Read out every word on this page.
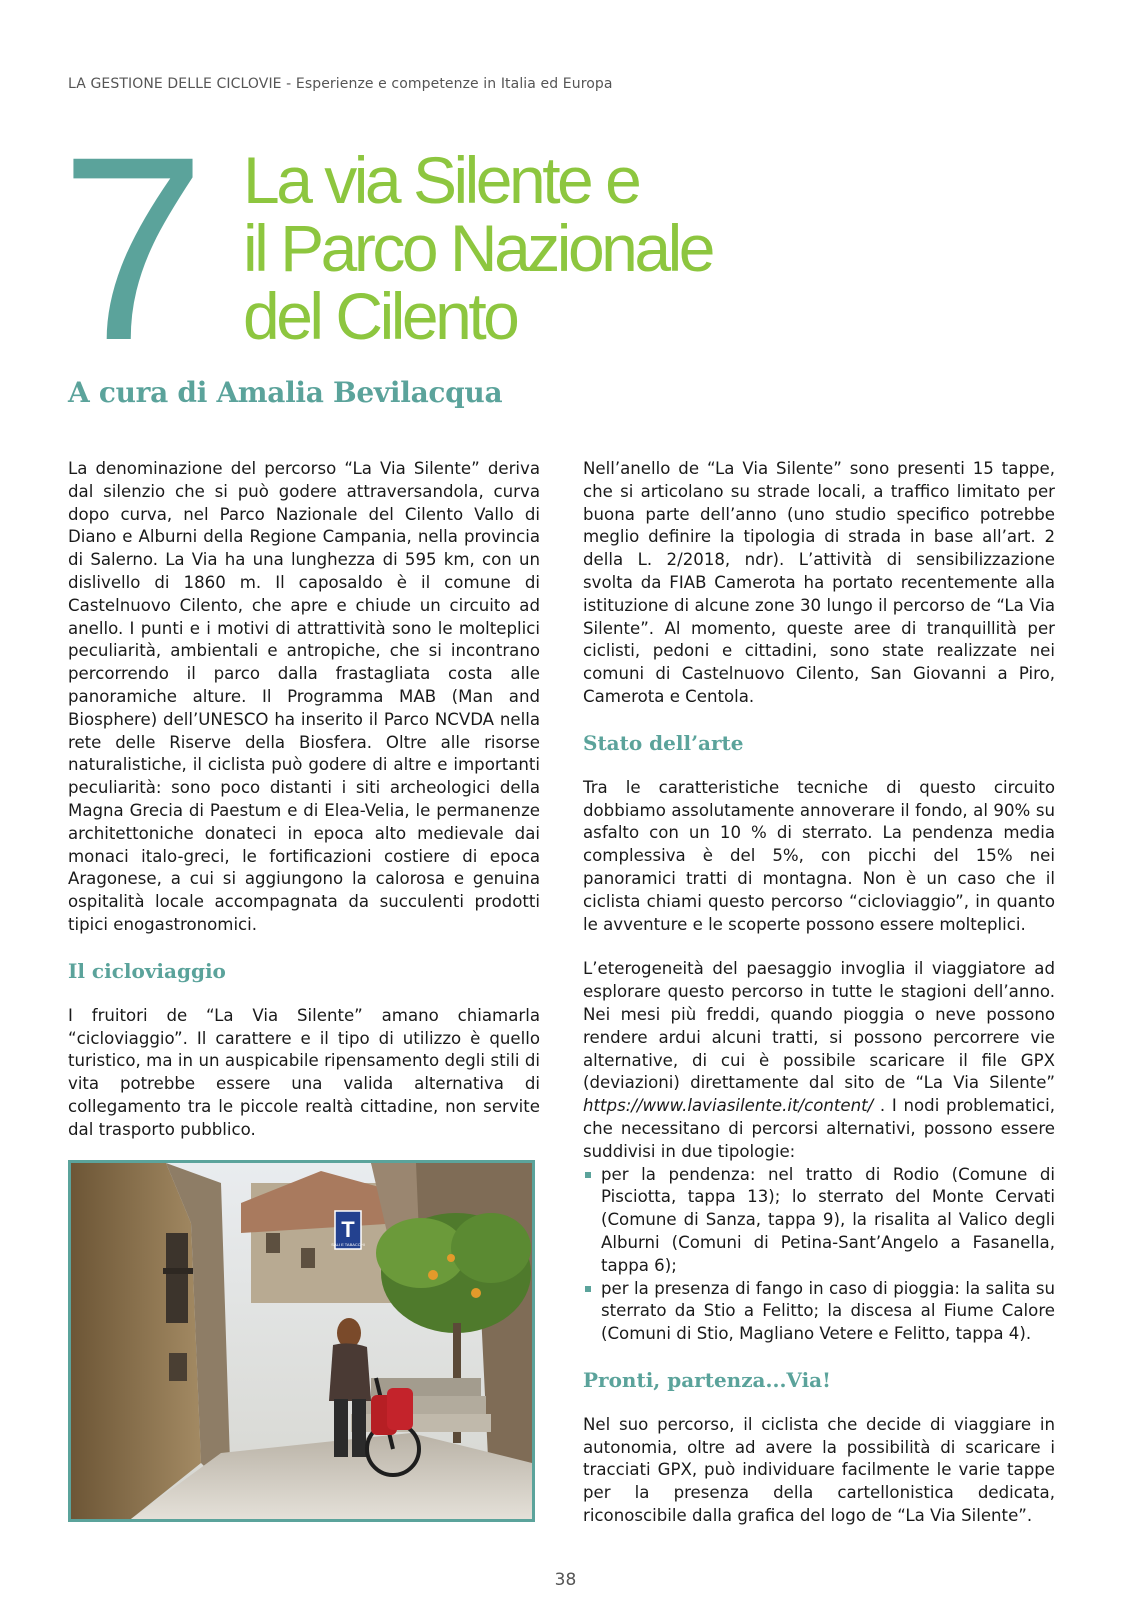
LA GESTIONE DELLE CICLOVIE - Esperienze e competenze in Italia ed Europa
7 La via Silente e
il Parco Nazionale
del Cilento
A cura di Amalia Bevilacqua

La denominazione del percorso “La Via Silente” deriva dal silenzio che si può godere attraversandola, curva dopo curva, nel Parco Nazionale del Cilento Vallo di Diano e Alburni della Regione Campania, nella provincia di Salerno. La Via ha una lunghezza di 595 km, con un dislivello di 1860 m. Il caposaldo è il comune di Castelnuovo Cilento, che apre e chiude un circuito ad anello. I punti e i motivi di attrattività sono le molteplici peculiarità, ambientali e antropiche, che si incontrano percorrendo il parco dalla frastagliata costa alle panoramiche alture. Il Programma MAB (Man and Biosphere) dell’UNESCO ha inserito il Parco NCVDA nella rete delle Riserve della Biosfera. Oltre alle risorse naturalistiche, il ciclista può godere di altre e importanti peculiarità: sono poco distanti i siti archeologici della Magna Grecia di Paestum e di Elea-Velia, le permanenze architettoniche donateci in epoca alto medievale dai monaci italo-greci, le fortificazioni costiere di epoca Aragonese, a cui si aggiungono la calorosa e genuina ospitalità locale accompagnata da succulenti prodotti tipici enogastronomici.

Il cicloviaggio

I fruitori de “La Via Silente” amano chiamarla “cicloviaggio”. Il carattere e il tipo di utilizzo è quello turistico, ma in un auspicabile ripensamento degli stili di vita potrebbe essere una valida alternativa di collegamento tra le piccole realtà cittadine, non servite dal trasporto pubblico.

T
SALI E TABACCHI

Nell’anello de “La Via Silente” sono presenti 15 tappe, che si articolano su strade locali, a traffico limitato per buona parte dell’anno (uno studio specifico potrebbe meglio definire la tipologia di strada in base all’art. 2 della L. 2/2018, ndr). L’attività di sensibilizzazione svolta da FIAB Camerota ha portato recentemente alla istituzione di alcune zone 30 lungo il percorso de “La Via Silente”. Al momento, queste aree di tranquillità per ciclisti, pedoni e cittadini, sono state realizzate nei comuni di Castelnuovo Cilento, San Giovanni a Piro, Camerota e Centola.

Stato dell’arte

Tra le caratteristiche tecniche di questo circuito dobbiamo assolutamente annoverare il fondo, al 90% su asfalto con un 10 % di sterrato. La pendenza media complessiva è del 5%, con picchi del 15% nei panoramici tratti di montagna. Non è un caso che il ciclista chiami questo percorso “cicloviaggio”, in quanto le avventure e le scoperte possono essere molteplici.

L’eterogeneità del paesaggio invoglia il viaggiatore ad esplorare questo percorso in tutte le stagioni dell’anno. Nei mesi più freddi, quando pioggia o neve possono rendere ardui alcuni tratti, si possono percorrere vie alternative, di cui è possibile scaricare il file GPX (deviazioni) direttamente dal sito de “La Via Silente” https://www.laviasilente.it/content/ . I nodi problematici, che necessitano di percorsi alternativi, possono essere suddivisi in due tipologie:

per la pendenza: nel tratto di Rodio (Comune di Pisciotta, tappa 13); lo sterrato del Monte Cervati (Comune di Sanza, tappa 9), la risalita al Valico degli Alburni (Comuni di Petina-Sant’Angelo a Fasanella, tappa 6);
per la presenza di fango in caso di pioggia: la salita su sterrato da Stio a Felitto; la discesa al Fiume Calore (Comuni di Stio, Magliano Vetere e Felitto, tappa 4).
Pronti, partenza...Via!

Nel suo percorso, il ciclista che decide di viaggiare in autonomia, oltre ad avere la possibilità di scaricare i tracciati GPX, può individuare facilmente le varie tappe per la presenza della cartellonistica dedicata, riconoscibile dalla grafica del logo de “La Via Silente”.

38
